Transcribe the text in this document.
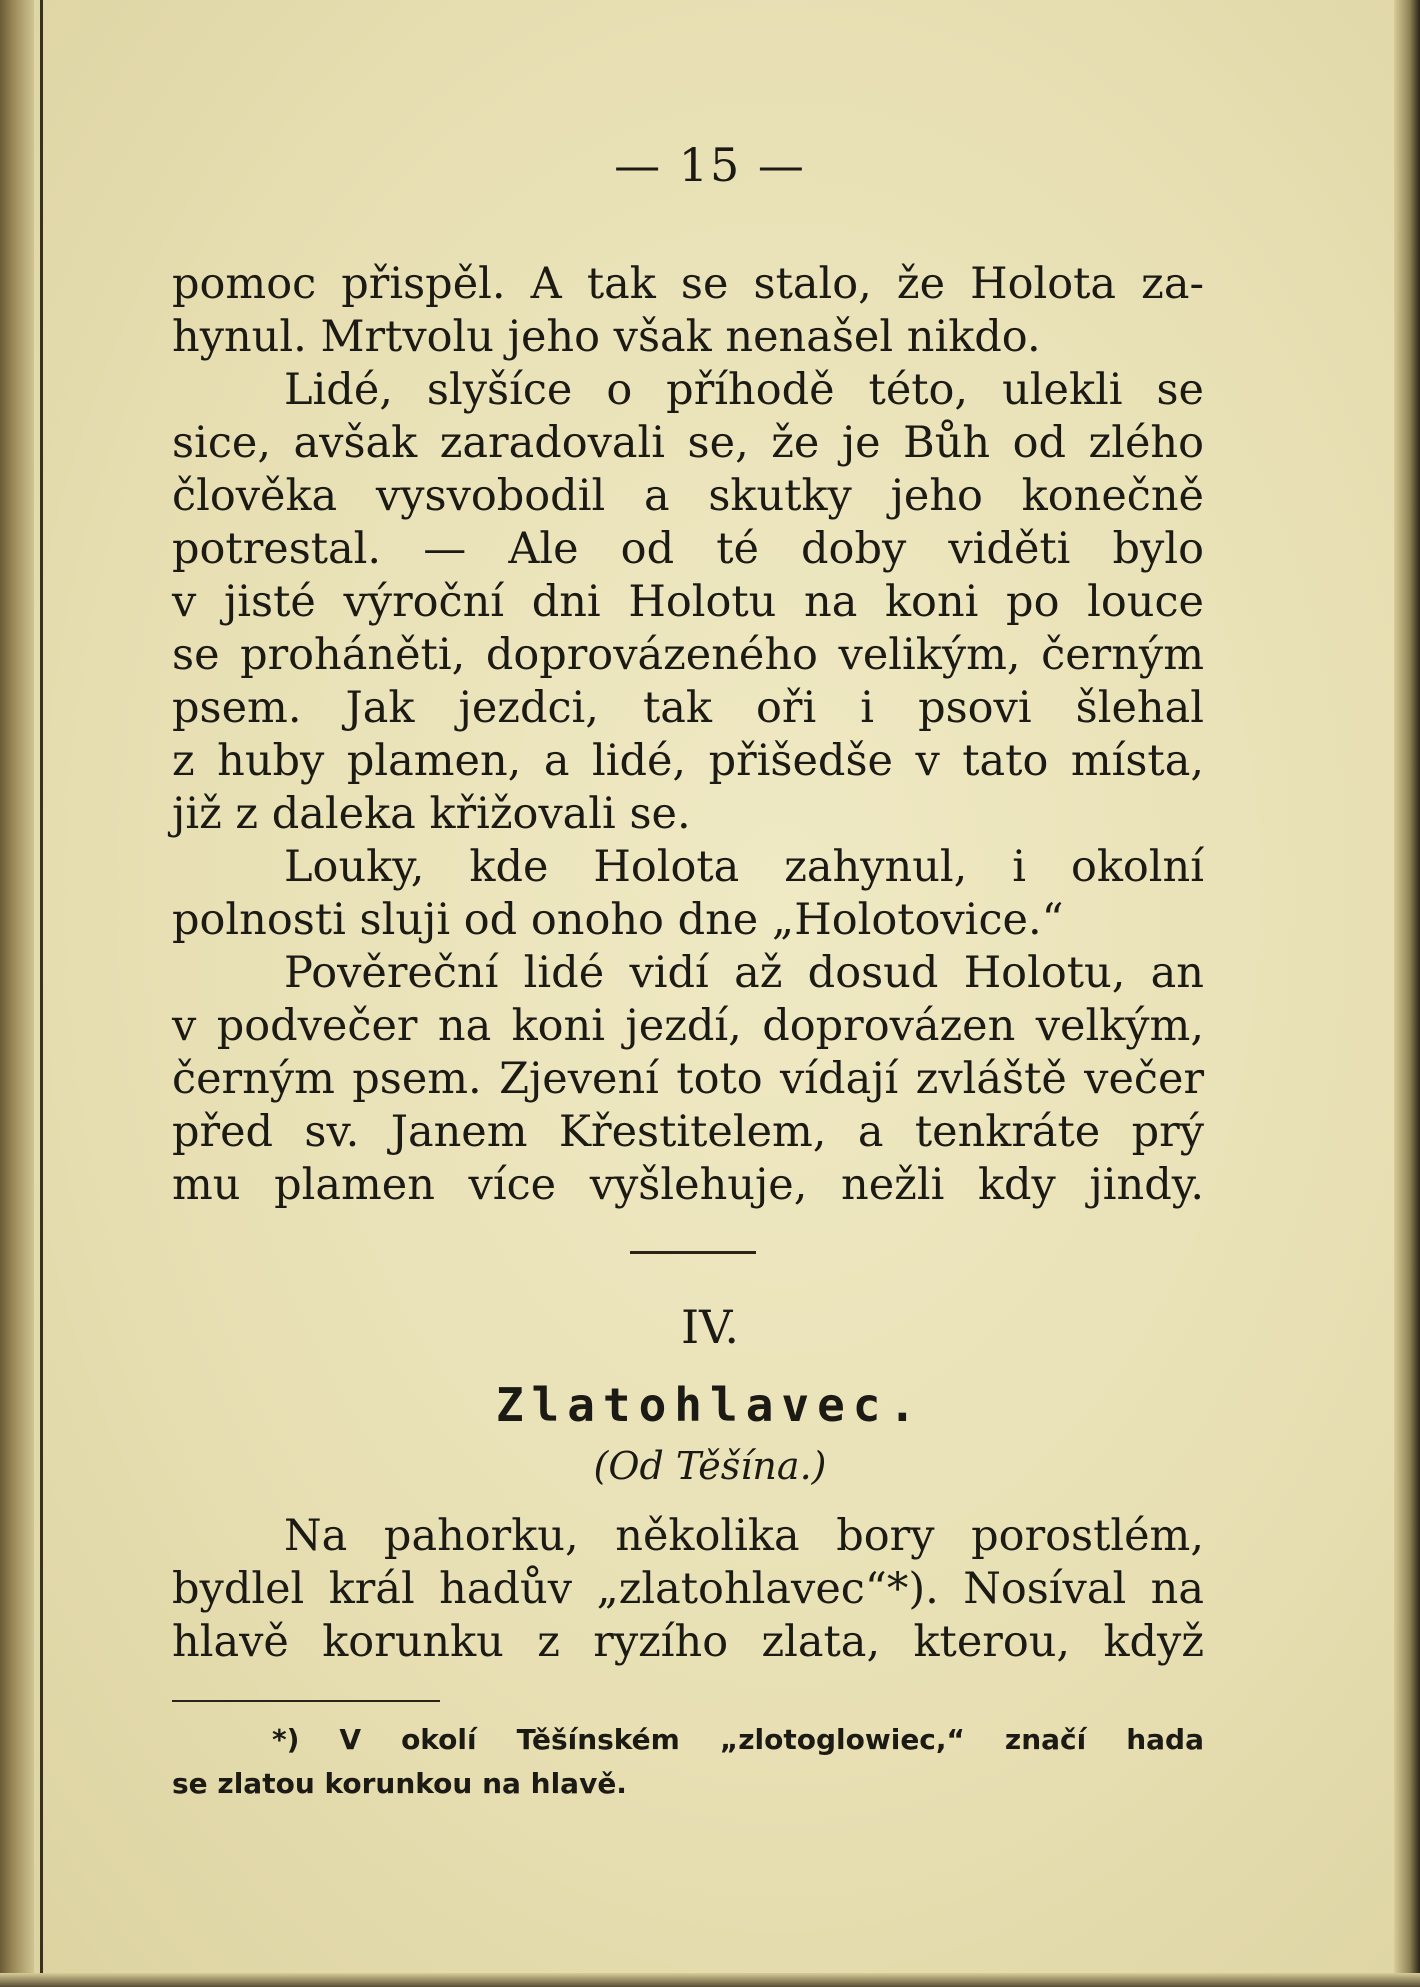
— 15 —
pomoc přispěl. A tak se stalo, že Holota za-
hynul. Mrtvolu jeho však nenašel nikdo.
Lidé, slyšíce o příhodě této, ulekli se
sice, avšak zaradovali se, že je Bůh od zlého
člověka vysvobodil a skutky jeho konečně
potrestal. — Ale od té doby viděti bylo
v jisté výroční dni Holotu na koni po louce
se proháněti, doprovázeného velikým, černým
psem. Jak jezdci, tak oři i psovi šlehal
z huby plamen, a lidé, přišedše v tato místa,
již z daleka křižovali se.
Louky, kde Holota zahynul, i okolní
polnosti sluji od onoho dne „Holotovice.“
Pověreční lidé vidí až dosud Holotu, an
v podvečer na koni jezdí, doprovázen velkým,
černým psem. Zjevení toto vídají zvláště večer
před sv. Janem Křestitelem, a tenkráte prý
mu plamen více vyšlehuje, nežli kdy jindy.
IV.
Zlatohlavec.
(Od Těšína.)
Na pahorku, několika bory porostlém,
bydlel král hadův „zlatohlavec“*). Nosíval na
hlavě korunku z ryzího zlata, kterou, když
*) V okolí Těšínském „zlotoglowiec,“ značí hada
se zlatou korunkou na hlavě.
